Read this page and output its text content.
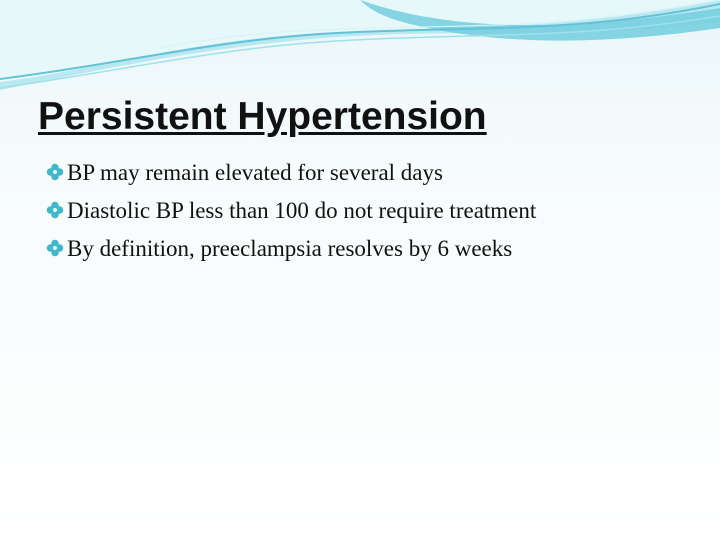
Persistent Hypertension
BP may remain elevated for several days
Diastolic BP less than 100 do not require treatment
By definition, preeclampsia resolves by 6 weeks
